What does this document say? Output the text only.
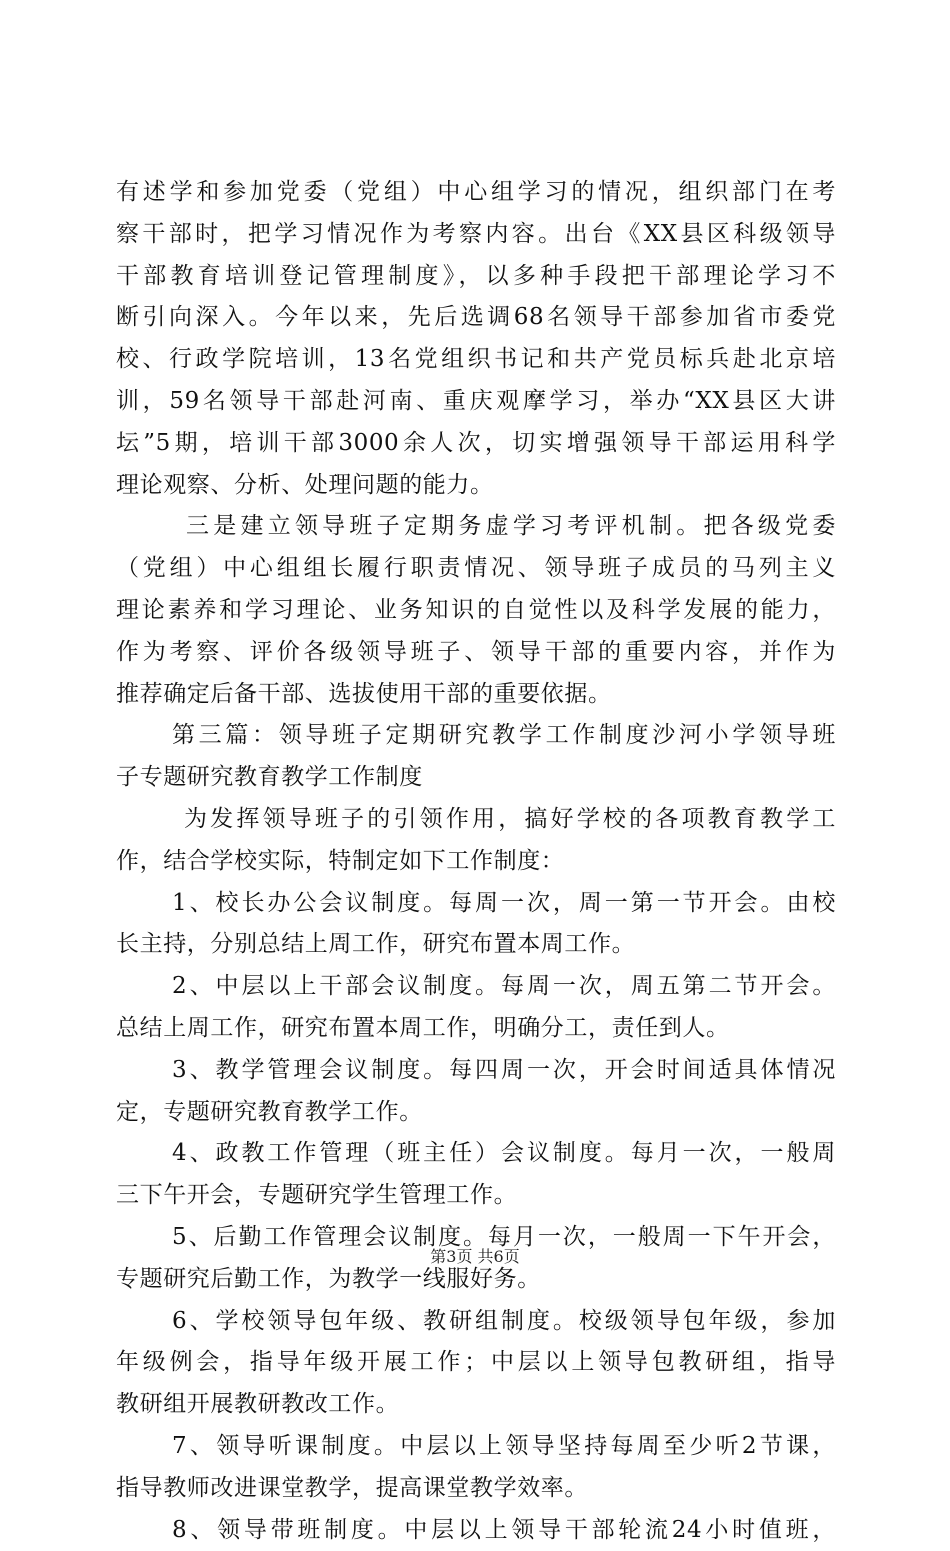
有述学和参加党委（党组）中心组学习的情况，组织部门在考
察干部时，把学习情况作为考察内容。出台《XX县区科级领导
干部教育培训登记管理制度》，以多种手段把干部理论学习不
断引向深入。今年以来，先后选调68名领导干部参加省市委党
校、行政学院培训，13名党组织书记和共产党员标兵赴北京培
训，59名领导干部赴河南、重庆观摩学习，举办“XX县区大讲
坛”5期，培训干部3000余人次，切实增强领导干部运用科学
理论观察、分析、处理问题的能力。
三是建立领导班子定期务虚学习考评机制。把各级党委
（党组）中心组组长履行职责情况、领导班子成员的马列主义
理论素养和学习理论、业务知识的自觉性以及科学发展的能力，
作为考察、评价各级领导班子、领导干部的重要内容，并作为
推荐确定后备干部、选拔使用干部的重要依据。
第三篇：领导班子定期研究教学工作制度沙河小学领导班
子专题研究教育教学工作制度
为发挥领导班子的引领作用，搞好学校的各项教育教学工
作，结合学校实际，特制定如下工作制度：
1、校长办公会议制度。每周一次，周一第一节开会。由校
长主持，分别总结上周工作，研究布置本周工作。
2、中层以上干部会议制度。每周一次，周五第二节开会。
总结上周工作，研究布置本周工作，明确分工，责任到人。
3、教学管理会议制度。每四周一次，开会时间适具体情况
定，专题研究教育教学工作。
4、政教工作管理（班主任）会议制度。每月一次，一般周
三下午开会，专题研究学生管理工作。
5、后勤工作管理会议制度。每月一次，一般周一下午开会，
专题研究后勤工作，为教学一线服好务。
6、学校领导包年级、教研组制度。校级领导包年级，参加
年级例会，指导年级开展工作；中层以上领导包教研组，指导
教研组开展教研教改工作。
7、领导听课制度。中层以上领导坚持每周至少听2节课，
指导教师改进课堂教学，提高课堂教学效率。
8、领导带班制度。中层以上领导干部轮流24小时值班，
第3页 共6页
